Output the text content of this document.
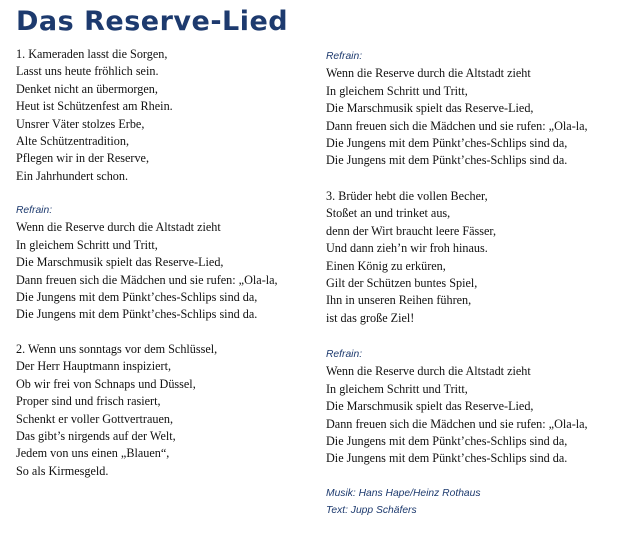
Das Reserve-Lied
1. Kameraden lasst die Sorgen,
Lasst uns heute fröhlich sein.
Denket nicht an übermorgen,
Heut ist Schützenfest am Rhein.
Unsrer Väter stolzes Erbe,
Alte Schützentradition,
Pflegen wir in der Reserve,
Ein Jahrhundert schon.
Refrain:
Wenn die Reserve durch die Altstadt zieht
In gleichem Schritt und Tritt,
Die Marschmusik spielt das Reserve-Lied,
Dann freuen sich die Mädchen und sie rufen: „Ola-la,
Die Jungens mit dem Pünkt’ches-Schlips sind da,
Die Jungens mit dem Pünkt’ches-Schlips sind da.
2. Wenn uns sonntags vor dem Schlüssel,
Der Herr Hauptmann inspiziert,
Ob wir frei von Schnaps und Düssel,
Proper sind und frisch rasiert,
Schenkt er voller Gottvertrauen,
Das gibt’s nirgends auf der Welt,
Jedem von uns einen „Blauen“,
So als Kirmesgeld.
Refrain:
Wenn die Reserve durch die Altstadt zieht
In gleichem Schritt und Tritt,
Die Marschmusik spielt das Reserve-Lied,
Dann freuen sich die Mädchen und sie rufen: „Ola-la,
Die Jungens mit dem Pünkt’ches-Schlips sind da,
Die Jungens mit dem Pünkt’ches-Schlips sind da.
3. Brüder hebt die vollen Becher,
Stoßet an und trinket aus,
denn der Wirt braucht leere Fässer,
Und dann zieh’n wir froh hinaus.
Einen König zu erküren,
Gilt der Schützen buntes Spiel,
Ihn in unseren Reihen führen,
ist das große Ziel!
Refrain:
Wenn die Reserve durch die Altstadt zieht
In gleichem Schritt und Tritt,
Die Marschmusik spielt das Reserve-Lied,
Dann freuen sich die Mädchen und sie rufen: „Ola-la,
Die Jungens mit dem Pünkt’ches-Schlips sind da,
Die Jungens mit dem Pünkt’ches-Schlips sind da.
Musik: Hans Hape/Heinz Rothaus
Text: Jupp Schäfers
